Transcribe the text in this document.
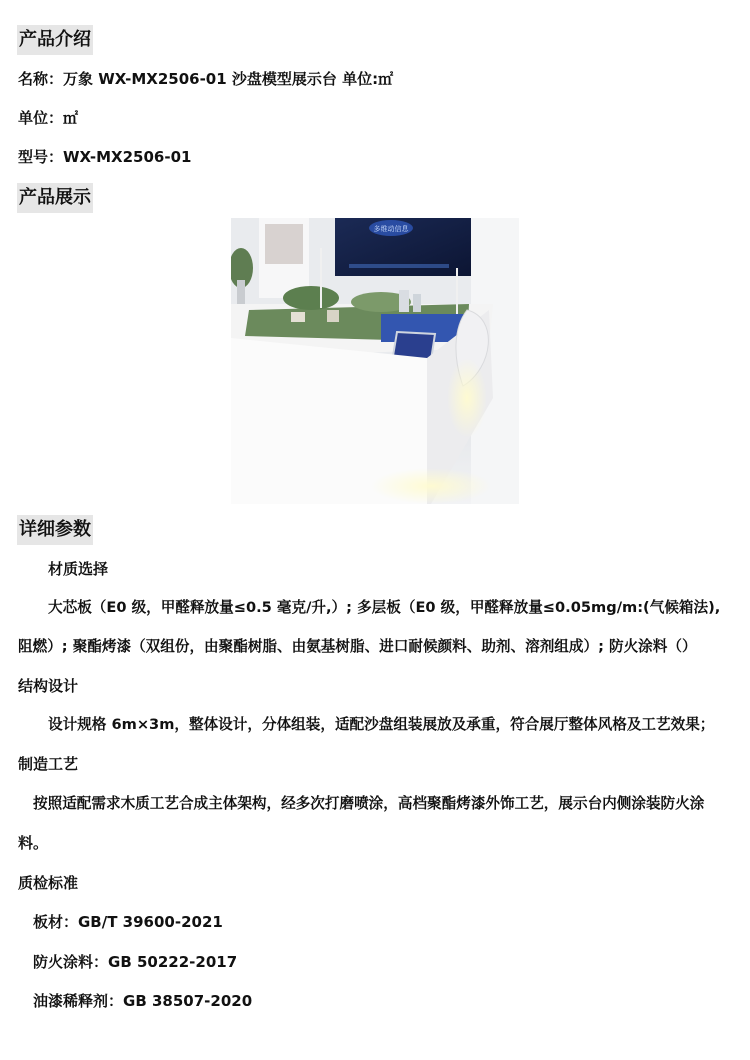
产品介绍
名称：万象 WX-MX2506-01 沙盘模型展示台 单位:㎡
单位：㎡
型号：WX-MX2506-01
产品展示
多维动信息
详细参数
材质选择
大芯板（E0 级，甲醛释放量≤0.5 毫克/升,）; 多层板（E0 级，甲醛释放量≤0.05mg/m:(气候箱法),
阻燃）; 聚酯烤漆（双组份，由聚酯树脂、由氨基树脂、进口耐候颜料、助剂、溶剂组成）; 防火涂料（）
结构设计
设计规格 6m×3m，整体设计，分体组装，适配沙盘组装展放及承重，符合展厅整体风格及工艺效果；
制造工艺
按照适配需求木质工艺合成主体架构，经多次打磨喷涂，高档聚酯烤漆外饰工艺，展示台内侧涂装防火涂
料。
质检标准
板材：GB/T 39600-2021
防火涂料：GB 50222-2017
油漆稀释剂：GB 38507-2020
